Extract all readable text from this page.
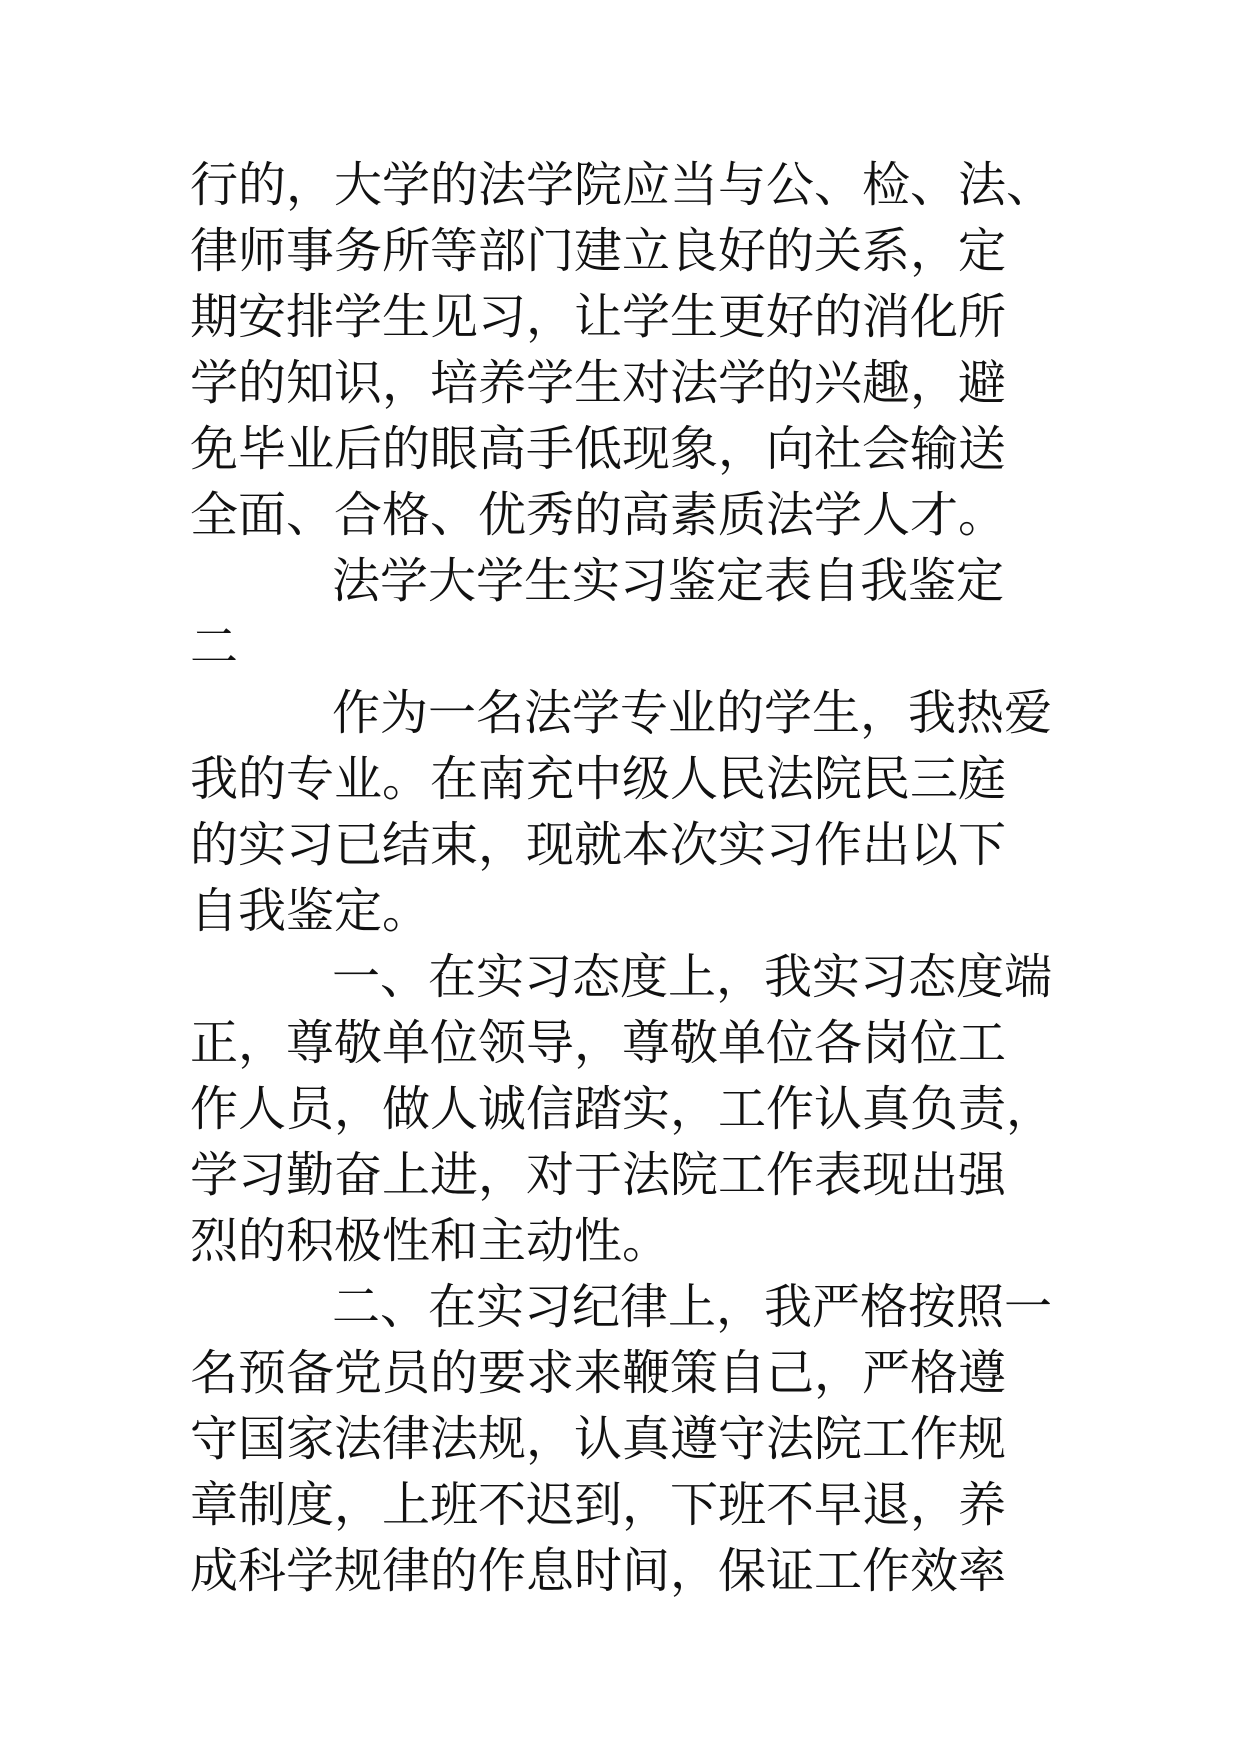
行的，大学的法学院应当与公、检、法、
律师事务所等部门建立良好的关系，定
期安排学生见习，让学生更好的消化所
学的知识，培养学生对法学的兴趣，避
免毕业后的眼高手低现象，向社会输送
全面、合格、优秀的高素质法学人才。
法学大学生实习鉴定表自我鉴定
二
作为一名法学专业的学生，我热爱
我的专业。在南充中级人民法院民三庭
的实习已结束，现就本次实习作出以下
自我鉴定。
一、在实习态度上，我实习态度端
正，尊敬单位领导，尊敬单位各岗位工
作人员，做人诚信踏实，工作认真负责，
学习勤奋上进，对于法院工作表现出强
烈的积极性和主动性。
二、在实习纪律上，我严格按照一
名预备党员的要求来鞭策自己，严格遵
守国家法律法规，认真遵守法院工作规
章制度，上班不迟到，下班不早退，养
成科学规律的作息时间，保证工作效率
